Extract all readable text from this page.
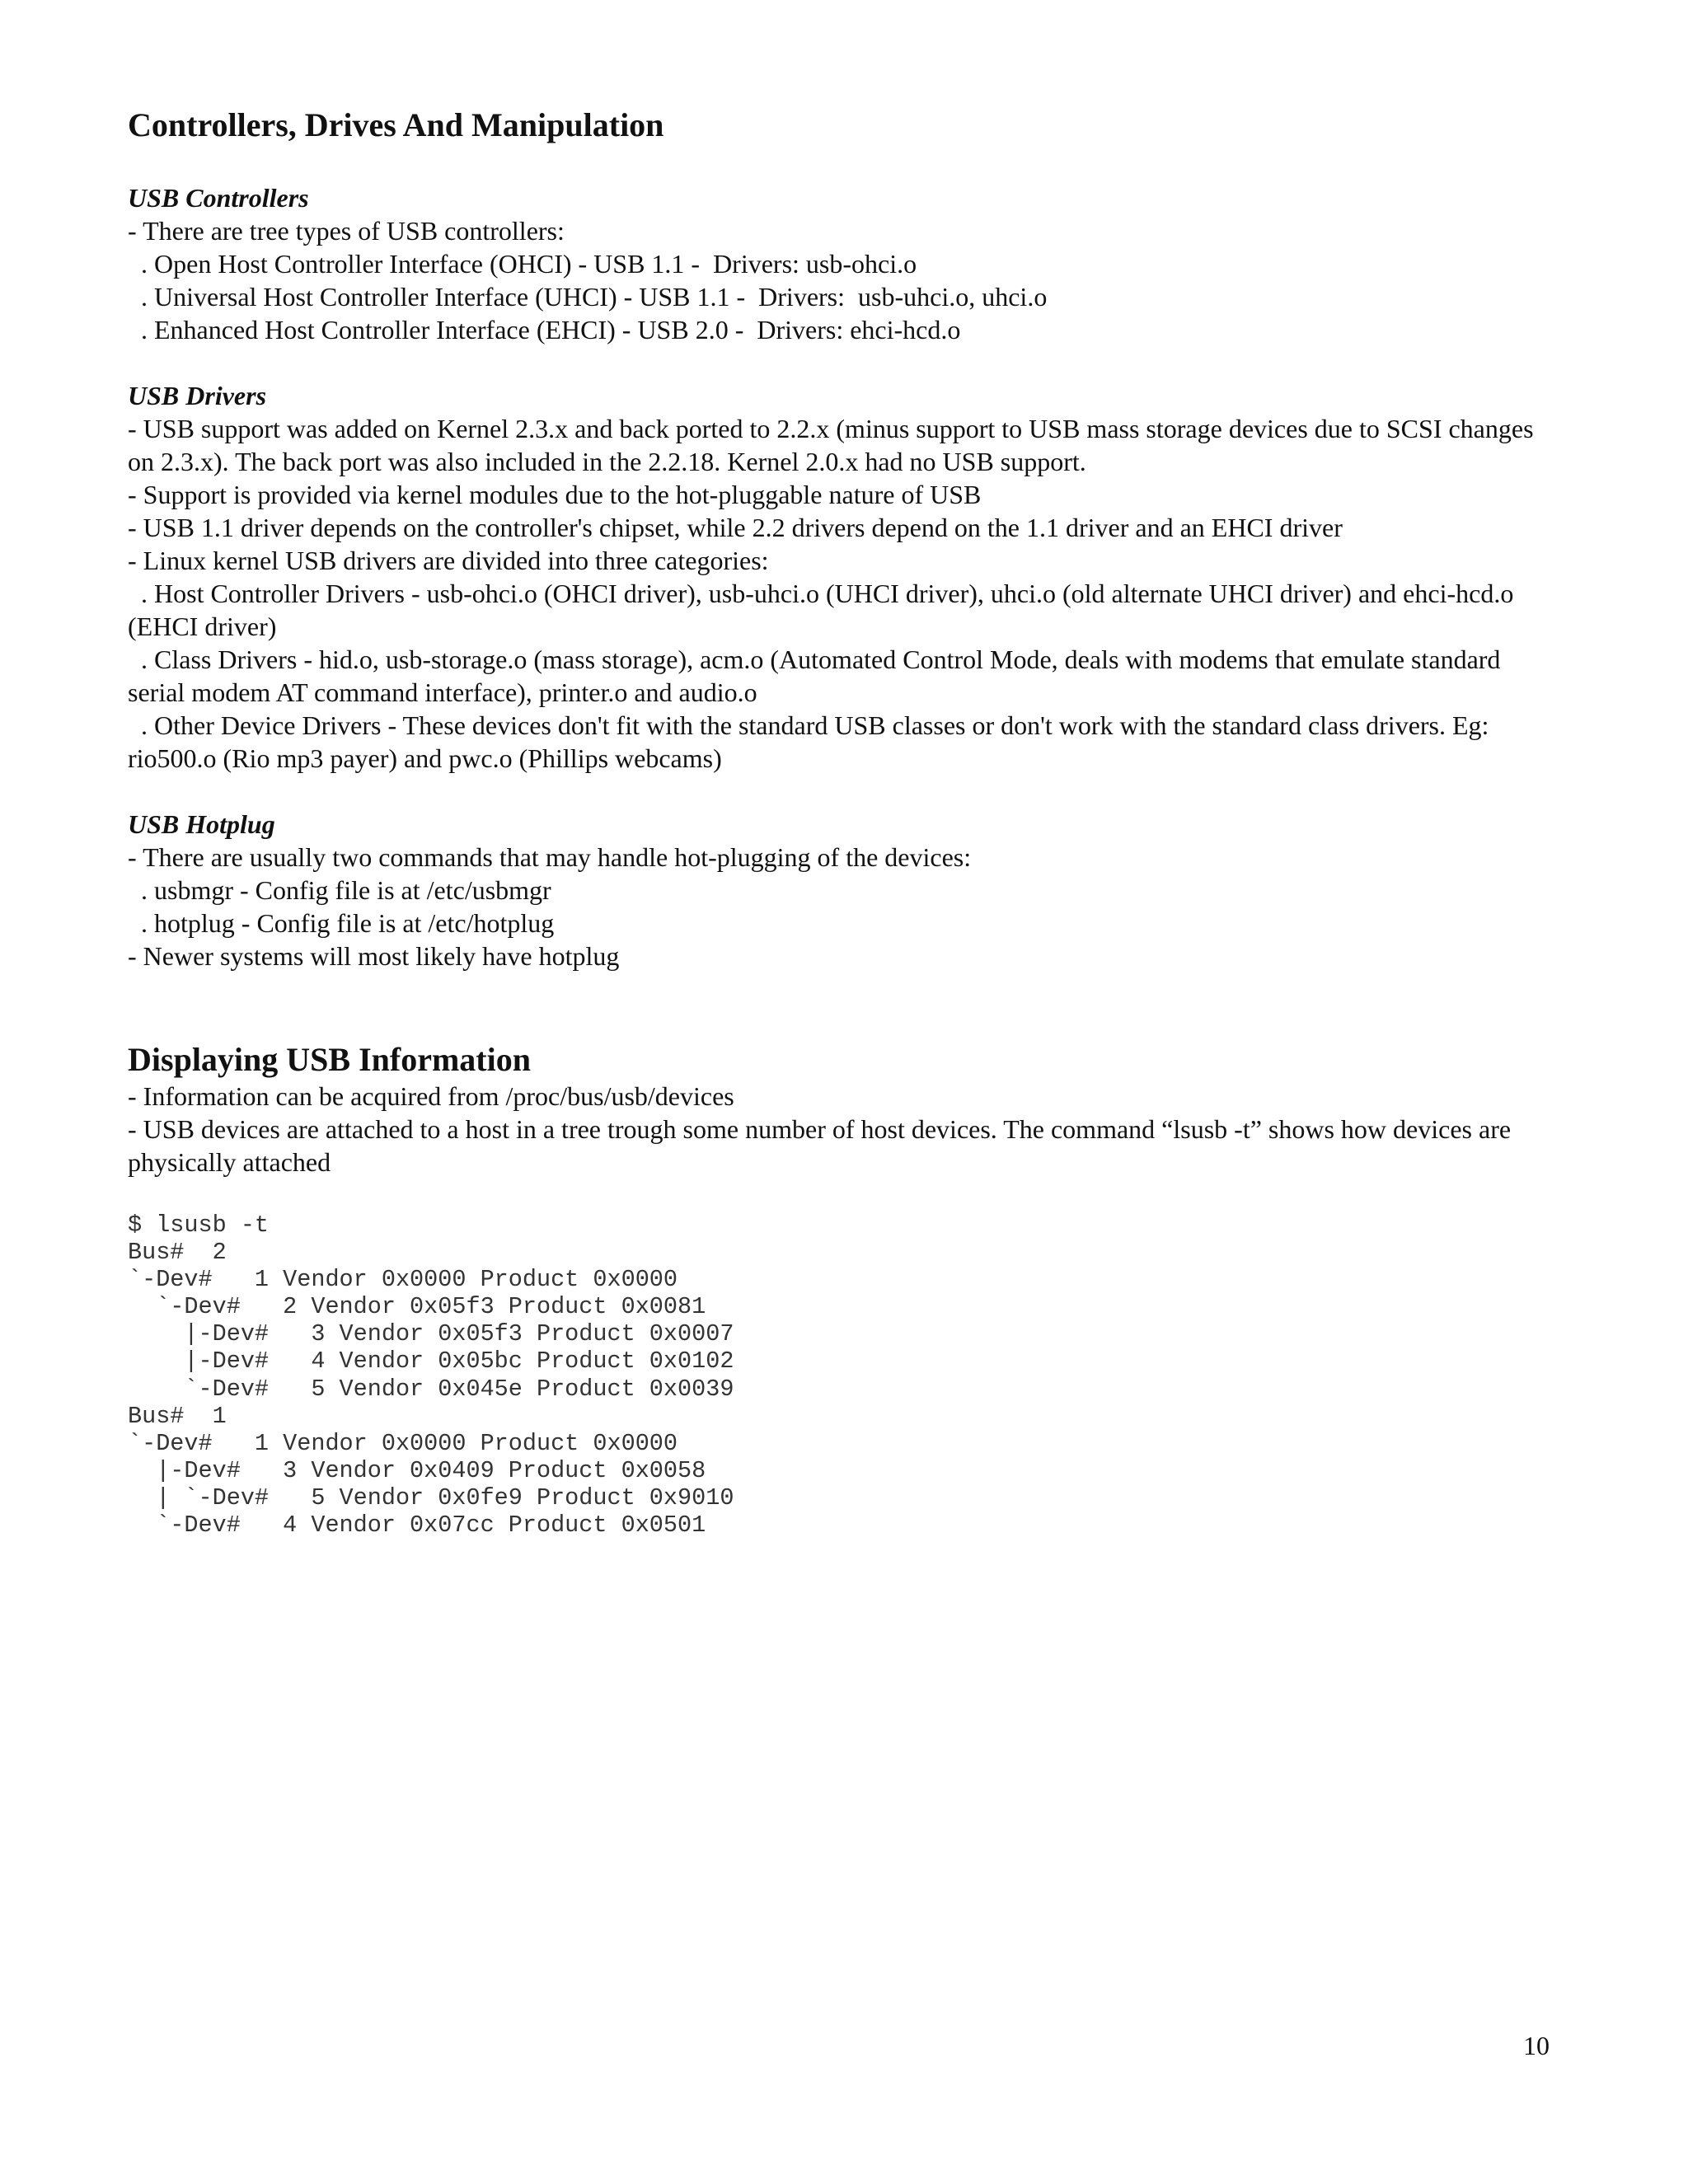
Controllers, Drives And Manipulation
USB Controllers
- There are tree types of USB controllers:
. Open Host Controller Interface (OHCI) - USB 1.1 -  Drivers: usb-ohci.o
. Universal Host Controller Interface (UHCI) - USB 1.1 -  Drivers:  usb-uhci.o, uhci.o
. Enhanced Host Controller Interface (EHCI) - USB 2.0 -  Drivers: ehci-hcd.o
USB Drivers
- USB support was added on Kernel 2.3.x and back ported to 2.2.x (minus support to USB mass storage devices due to SCSI changes on 2.3.x). The back port was also included in the 2.2.18. Kernel 2.0.x had no USB support.
- Support is provided via kernel modules due to the hot-pluggable nature of USB
- USB 1.1 driver depends on the controller's chipset, while 2.2 drivers depend on the 1.1 driver and an EHCI driver
- Linux kernel USB drivers are divided into three categories:
. Host Controller Drivers - usb-ohci.o (OHCI driver), usb-uhci.o (UHCI driver), uhci.o (old alternate UHCI driver) and ehci-hcd.o (EHCI driver)
. Class Drivers - hid.o, usb-storage.o (mass storage), acm.o (Automated Control Mode, deals with modems that emulate standard serial modem AT command interface), printer.o and audio.o
. Other Device Drivers - These devices don't fit with the standard USB classes or don't work with the standard class drivers. Eg: rio500.o (Rio mp3 payer) and pwc.o (Phillips webcams)
USB Hotplug
- There are usually two commands that may handle hot-plugging of the devices:
. usbmgr - Config file is at /etc/usbmgr
. hotplug - Config file is at /etc/hotplug
- Newer systems will most likely have hotplug
Displaying USB Information
- Information can be acquired from /proc/bus/usb/devices
- USB devices are attached to a host in a tree trough some number of host devices. The command “lsusb -t” shows how devices are physically attached
$ lsusb -t
Bus#  2
`-Dev#   1 Vendor 0x0000 Product 0x0000
`-Dev#   2 Vendor 0x05f3 Product 0x0081
|-Dev#   3 Vendor 0x05f3 Product 0x0007
|-Dev#   4 Vendor 0x05bc Product 0x0102
`-Dev#   5 Vendor 0x045e Product 0x0039
Bus#  1
`-Dev#   1 Vendor 0x0000 Product 0x0000
|-Dev#   3 Vendor 0x0409 Product 0x0058
| `-Dev#   5 Vendor 0x0fe9 Product 0x9010
`-Dev#   4 Vendor 0x07cc Product 0x0501
10
